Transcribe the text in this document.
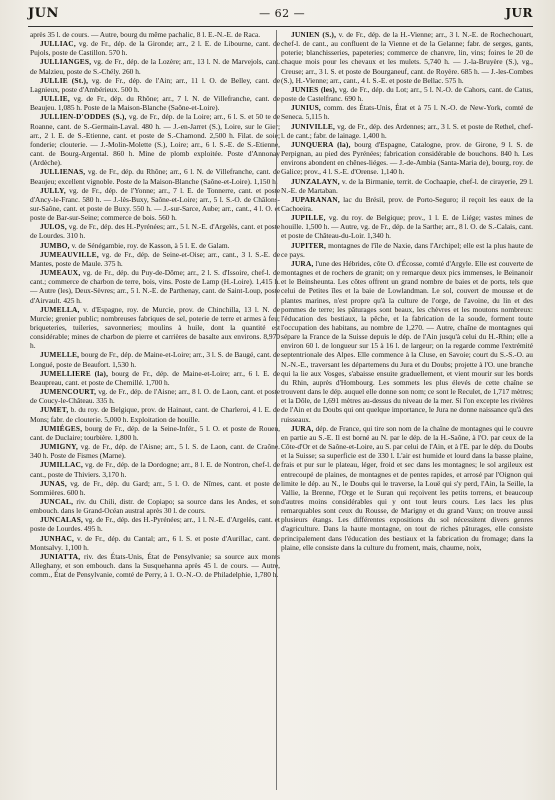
JUN	— 62 —	JUR

après 35 l. de cours. — Autre, bourg du même pachalic, 8 l. E.-N.-E. de Raca.

JULLIAC, vg. de Fr., dép. de la Gironde; arr., 2 l. E. de Libourne, cant. de Pujols, poste de Castillon. 570 h.

JULLIANGES, vg. de Fr., dép. de la Lozère; arr., 13 l. N. de Marvejols, cant. de Malzieu, poste de S.-Chély. 260 h.

JULLIE (St.), vg. de Fr., dép. de l'Ain; arr., 11 l. O. de Belley, cant. de Lagnieux, poste d'Ambérieux. 500 h.

JULLIE, vg. de Fr., dép. du Rhône; arr., 7 l. N. de Villefranche, cant. de Beaujeu. 1,085 h. Poste de la Maison-Blanche (Saône-et-Loire).

JULLIEN-D'ODDES (S.), vg. de Fr., dép. de la Loire; arr., 6 l. S. et 50 te de Roanne, cant. de S.-Germain-Laval. 480 h. — J.-en-Jarret (S.), Loire, sur le Gier; arr., 2 l. E. de S.-Etienne, cant. et poste de S.-Chamond. 2,500 h. Filat. de soie; fonderie; clouterie. — J.-Molin-Molette (S.), Loire; arr., 6 l. S.-E. de S.-Etienne, cant. de Bourg-Argental. 860 h. Mine de plomb exploitée. Poste d'Annonay (Ardèche).

JULLIENAS, vg. de Fr., dép. du Rhône; arr., 6 l. N. de Villefranche, cant. de Beaujeu; excellent vignoble. Poste de la Maison-Blanche (Saône-et-Loire). 1,150 h.

JULLY, vg. de Fr., dép. de l'Yonne; arr., 7 l. E. de Tonnerre, cant. et poste d'Ancy-le-Franc. 580 h. — J.-lès-Buxy, Saône-et-Loire; arr., 5 l. S.-O. de Châlons-sur-Saône, cant. et poste de Buxy. 550 h. — J.-sur-Sarce, Aube; arr., cant., 4 l. O. et poste de Bar-sur-Seine; commerce de bois. 560 h.

JULOS, vg. de Fr., dép. des H.-Pyrénées; arr., 5 l. N.-E. d'Argelès, cant. et poste de Lourdes. 310 h.

JUMBO, v. de Sénégambie, roy. de Kasson, à 5 l. E. de Galam.

JUMEAUVILLE, vg. de Fr., dép. de Seine-et-Oise; arr., cant., 3 l. S.-E. de Mantes, poste de Maule. 375 h.

JUMEAUX, vg. de Fr., dép. du Puy-de-Dôme; arr., 2 l. S. d'Issoire, chef-l. de cant.; commerce de charbon de terre, bois, vins. Poste de Lamp (H.-Loire). 1,415 h. — Autre (les), Deux-Sèvres; arr., 5 l. N.-E. de Parthenay, cant. de Saint-Loup, poste d'Airvault. 425 h.

JUMELLA, v. d'Espagne, roy. de Murcie, prov. de Chinchilla, 13 l. N. de Murcie; grenier public; nombreuses fabriques de sel, poterie de terre et armes à feu; briqueteries, tuileries, savonneries; moulins à huile, dont la quantité est considérable; mines de charbon de pierre et carrières de basalte aux environs. 8,970 h.

JUMELLE, bourg de Fr., dép. de Maine-et-Loire; arr., 3 l. S. de Baugé, cant. de Longué, poste de Beaufort. 1,530 h.

JUMELLIERE (la), bourg de Fr., dép. de Maine-et-Loire; arr., 6 l. E. de Beaupreau, cant. et poste de Chemillé. 1,700 h.

JUMENCOURT, vg. de Fr., dép. de l'Aisne; arr., 8 l. O. de Laon, cant. et poste de Coucy-le-Château. 335 h.

JUMET, b. du roy. de Belgique, prov. de Hainaut, cant. de Charleroi, 4 l. E. de Mons; fabr. de clouterie. 5,000 h. Exploitation de houille.

JUMIÉGES, bourg de Fr., dép. de la Seine-Infér., 5 l. O. et poste de Rouen, cant. de Duclaire; tourbière. 1,800 h.

JUMIGNY, vg. de Fr., dép. de l'Aisne; arr., 5 l. S. de Laon, cant. de Craône. 340 h. Poste de Fismes (Marne).

JUMILLAC, vg. de Fr., dép. de la Dordogne; arr., 8 l. E. de Nontron, chef-l. de cant., poste de Thiviers. 3,170 h.

JUNAS, vg. de Fr., dép. du Gard; arr., 5 l. O. de Nîmes, cant. et poste de Sommières. 600 h.

JUNCAL, riv. du Chili, distr. de Copiapo; sa source dans les Andes, et son embouch. dans le Grand-Océan austral après 30 l. de cours.

JUNCALAS, vg. de Fr., dép. des H.-Pyrénées; arr., 1 l. N.-E. d'Argelès, cant. et poste de Lourdes. 495 h.

JUNHAC, v. de Fr., dép. du Cantal; arr., 6 l. S. et poste d'Aurillac, cant. de Montsalvy. 1,100 h.

JUNIATTA, riv. des États-Unis, État de Pensylvanie; sa source aux monts Alleghany, et son embouch. dans la Susquehanna après 45 l. de cours. — Autre, comm., État de Pensylvanie, comté de Perry, à 1. O.-N.-O. de Philadelphie, 1,780 h.

JUNIEN (S.), v. de Fr., dép. de la H.-Vienne; arr., 3 l. N.-E. de Rochechouart, chef-l. de cant., au confluent de la Vienne et de la Gelanne; fabr. de serges, gants, poterie; blanchisseries, papeteries; commerce de chanvre, lin, vins; foires le 20 de chaque mois pour les chevaux et les mulets. 5,740 h. — J.-la-Bruyère (S.), vg., Creuse; arr., 3 l. S. et poste de Bourganeuf, cant. de Royère. 685 h. — J.-les-Combes (S.), H.-Vienne; arr., cant., 4 l. S.-E. et poste de Bellac. 575 h.

JUNIES (les), vg. de Fr., dép. du Lot; arr., 5 l. N.-O. de Cahors, cant. de Catus, poste de Castelfranc. 690 h.

JUNIUS, comm. des États-Unis, État et à 75 l. N.-O. de New-York, comté de Seneca. 5,115 h.

JUNIVILLE, vg. de Fr., dép. des Ardennes; arr., 3 l. S. et poste de Rethel, chef-l. de cant.; fabr. de lainage. 1,400 h.

JUNQUERA (la), bourg d'Espagne, Catalogne, prov. de Girone, 9 l. S. de Perpignan, au pied des Pyrénées; fabrication considérable de bouchons. 840 h. Les environs abondent en chênes-liéges. — J.-de-Ambia (Santa-Maria de), bourg, roy. de Galice; prov., 4 l. S.-E. d'Orense. 1,140 h.

JUNZALAYN, v. de la Birmanie, territ. de Cochaapie, chef-l. de cirayerie, 29 l. N.-E. de Martaban.

JUPARANAN, lac du Brésil, prov. de Porto-Seguro; il reçoit les eaux de la Cachoeira.

JUPILLE, vg. du roy. de Belgique; prov., 1 l. E. de Liége; vastes mines de houille. 1,500 h. — Autre, vg. de Fr., dép. de la Sarthe; arr., 8 l. O. de S.-Calais, cant. et poste de Château-du-Loir. 1,340 h.

JUPITER, montagnes de l'île de Naxie, dans l'Archipel; elle est la plus haute de ce pays.

JURA, l'une des Hébrides, côte O. d'Écosse, comté d'Argyle. Elle est couverte de montagnes et de rochers de granit; on y remarque deux pics immenses, le Beinanoir et le Beinsheunta. Les côtes offrent un grand nombre de baies et de ports, tels que celui de Petites îles et la baie de Lowlandman. Le sol, couvert de mousse et de plantes marines, n'est propre qu'à la culture de l'orge, de l'avoine, du lin et des pommes de terre; les pâturages sont beaux, les chèvres et les moutons nombreux: l'éducation des bestiaux, la pêche, et la fabrication de la soude, forment toute l'occupation des habitans, au nombre de 1,270. — Autre, chaîne de montagnes qui sépare la France de la Suisse depuis le dép. de l'Ain jusqu'à celui du H.-Rhin; elle a environ 60 l. de longueur sur 15 à 16 l. de largeur; on la regarde comme l'extrémité septentrionale des Alpes. Elle commence à la Cluse, en Savoie; court du S.-S.-O. au N.-N.-E., traversant les départemens du Jura et du Doubs; projette à l'O. une branche qui la lie aux Vosges, s'abaisse ensuite graduellement, et vient mourir sur les bords du Rhin, auprès d'Hombourg. Les sommets les plus élevés de cette chaîne se trouvent dans le dép. auquel elle donne son nom; ce sont le Reculet, de 1,717 mètres; et la Dôle, de 1,691 mètres au-dessus du niveau de la mer. Si l'on excepte les rivières de l'Ain et du Doubs qui ont quelque importance, le Jura ne donne naissance qu'à des ruisseaux.

JURA, dép. de France, qui tire son nom de la chaîne de montagnes qui le couvre en partie au S.-E. Il est borné au N. par le dép. de la H.-Saône, à l'O. par ceux de la Côte-d'Or et de Saône-et-Loire, au S. par celui de l'Ain, et à l'E. par le dép. du Doubs et la Suisse; sa superficie est de 330 l. L'air est humide et lourd dans la basse plaine, frais et pur sur le plateau, léger, froid et sec dans les montagnes; le sol argileux est entrecoupé de plaines, de montagnes et de pentes rapides, et arrosé par l'Oignon qui limite le dép. au N., le Doubs qui le traverse, la Louë qui s'y perd, l'Ain, la Seille, la Vallie, la Brenne, l'Orge et le Suran qui reçoivent les petits torrens, et beaucoup d'autres moins considérables qui y ont tout leurs cours. Les lacs les plus remarquables sont ceux du Rousse, de Marigny et du grand Vaux; on trouve aussi plusieurs étangs. Les différentes expositions du sol nécessitent divers genres d'agriculture. Dans la haute montagne, on tout de riches pâturages, elle consiste principalement dans l'éducation des bestiaux et la fabrication du fromage; dans la plaine, elle consiste dans la culture du froment, mais, chaume, noix,
